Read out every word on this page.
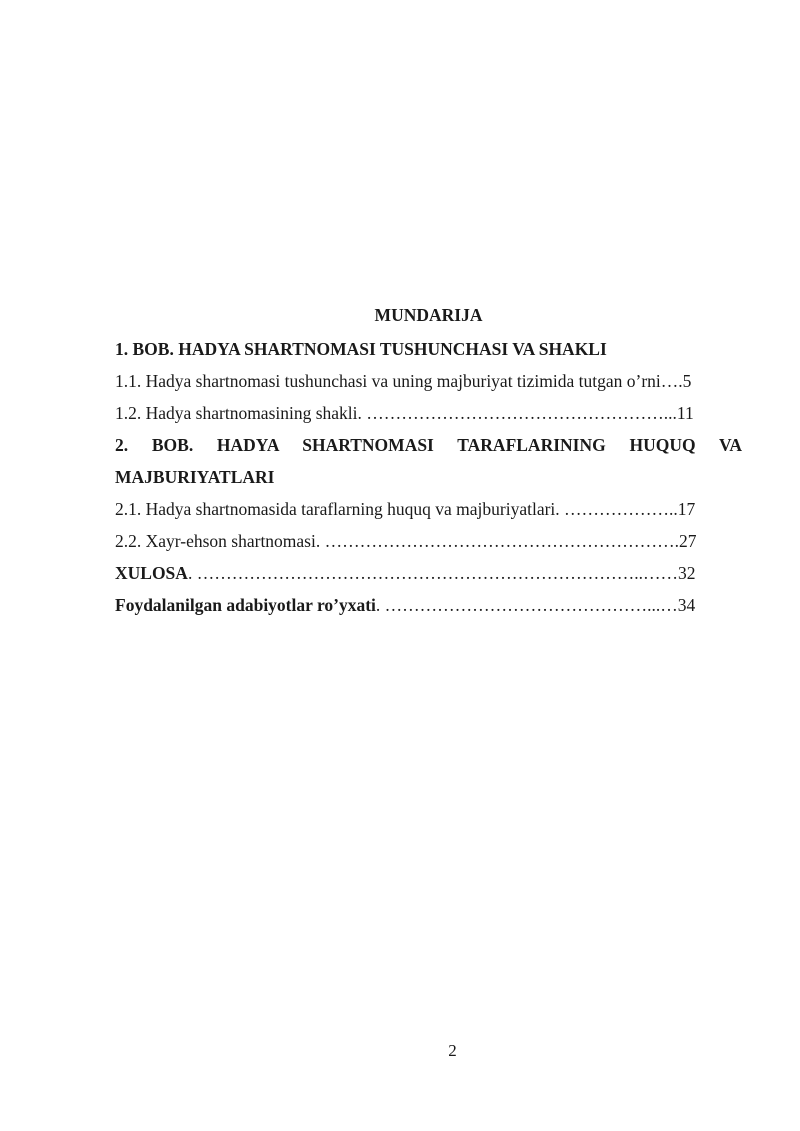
MUNDARIJA

1. BOB. HADYA SHARTNOMASI TUSHUNCHASI VA SHAKLI

1.1. Hadya shartnomasi tushunchasi va uning majburiyat tizimida tutgan o’rni….5

1.2. Hadya shartnomasining shakli. ……………………………………………...11

2. BOB. HADYA SHARTNOMASI TARAFLARINING HUQUQ VA

MAJBURIYATLARI

2.1. Hadya shartnomasida taraflarning huquq va majburiyatlari. ………………..17

2.2. Xayr-ehson shartnomasi. …………………………………………………….27

XULOSA. …………………………………………………………………..……32

Foydalanilgan adabiyotlar ro’yxati. ………………………………………...…34

2
